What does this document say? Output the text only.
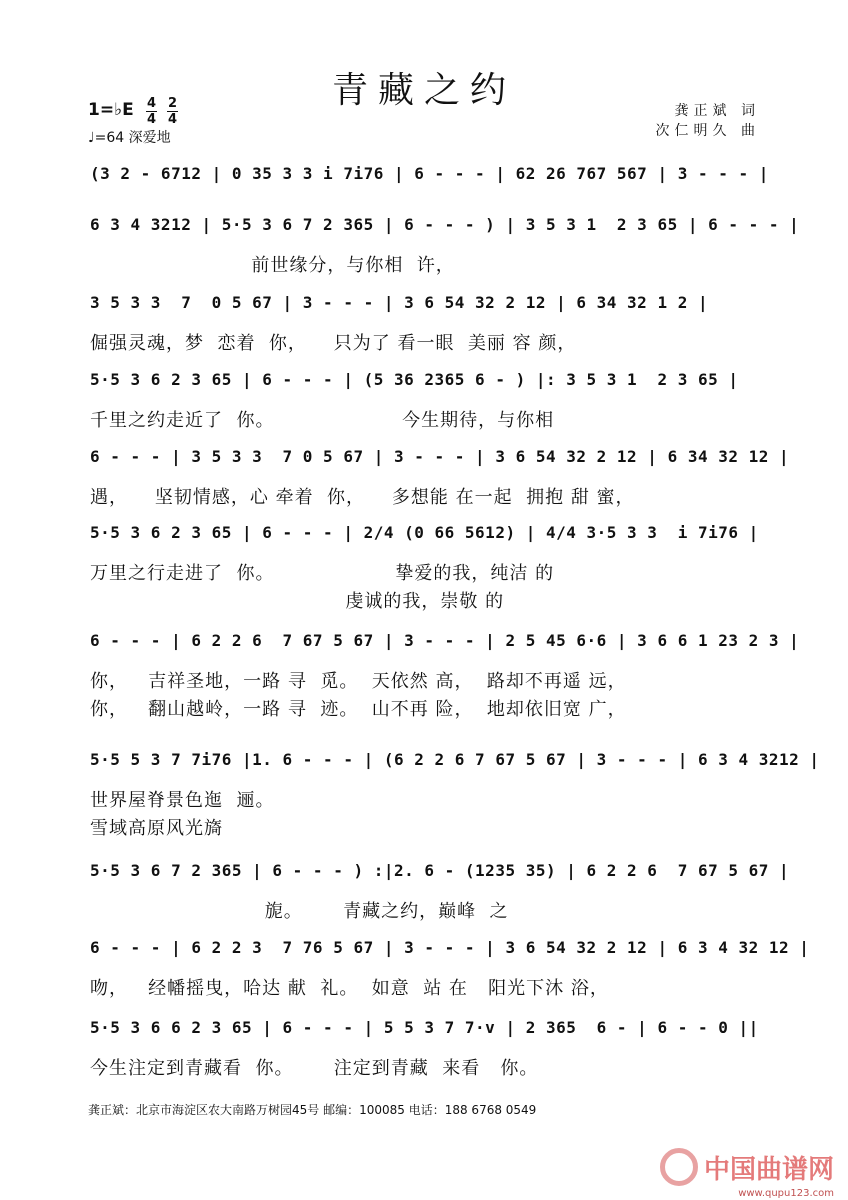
青藏之约
1=♭E $\frac{4}{4} \frac{2}{4}$
♩=64 深爱地
龚正斌 词
次仁明久 曲
(3 2 - 6712 | 0 35 3 3 i 7i76 | 6 - - - | 62 26 767 567 | 3 - - - |
6 3 4 3212 | 5·5 3 6 7 2 365 | 6 - - - ) | 3 5 3 1  2 3 65 | 6 - - - |
前世缘分，与你相  许，
3 5 3 3  7  0 5 67 | 3 - - - | 3 6 54 32 2 12 | 6 34 32 1 2 |
倔强灵魂，梦  恋着  你，    只为了 看一眼  美丽 容 颜，
5·5 3 6 2 3 65 | 6 - - - | (5 36 2365 6 - ) |: 3 5 3 1  2 3 65 |
千里之约走近了  你。                   今生期待，与你相
6 - - - | 3 5 3 3  7 0 5 67 | 3 - - - | 3 6 54 32 2 12 | 6 34 32 12 |
遇，    坚韧情感，心 牵着  你，    多想能 在一起  拥抱 甜 蜜，
5·5 3 6 2 3 65 | 6 - - - | 2/4 (0 66 5612) | 4/4 3·5 3 3  i 7i76 |
万里之行走进了  你。                  挚爱的我，纯洁 的
虔诚的我，崇敬 的
6 - - - | 6 2 2 6  7 67 5 67 | 3 - - - | 2 5 45 6·6 | 3 6 6 1 23 2 3 |
你，   吉祥圣地，一路 寻  觅。  天依然 高，  路却不再遥 远，
你，   翻山越岭，一路 寻  迹。  山不再 险，  地却依旧宽 广，
5·5 5 3 7 7i76 |1. 6 - - - | (6 2 2 6 7 67 5 67 | 3 - - - | 6 3 4 3212 |
世界屋脊景色迤  逦。
雪域高原风光旖
5·5 3 6 7 2 365 | 6 - - - ) :|2. 6 - (1235 35) | 6 2 2 6  7 67 5 67 |
旎。      青藏之约，巅峰  之
6 - - - | 6 2 2 3  7 76 5 67 | 3 - - - | 3 6 54 32 2 12 | 6 3 4 32 12 |
吻，   经幡摇曳，哈达 献  礼。  如意  站 在   阳光下沐 浴，
5·5 3 6 6 2 3 65 | 6 - - - | 5 5 3 7 7·v | 2 365  6 - | 6 - - 0 ||
今生注定到青藏看  你。      注定到青藏  来看   你。
龚正斌：北京市海淀区农大南路万树园45号 邮编：100085 电话：188 6768 0549
中国曲谱网
www.qupu123.com
